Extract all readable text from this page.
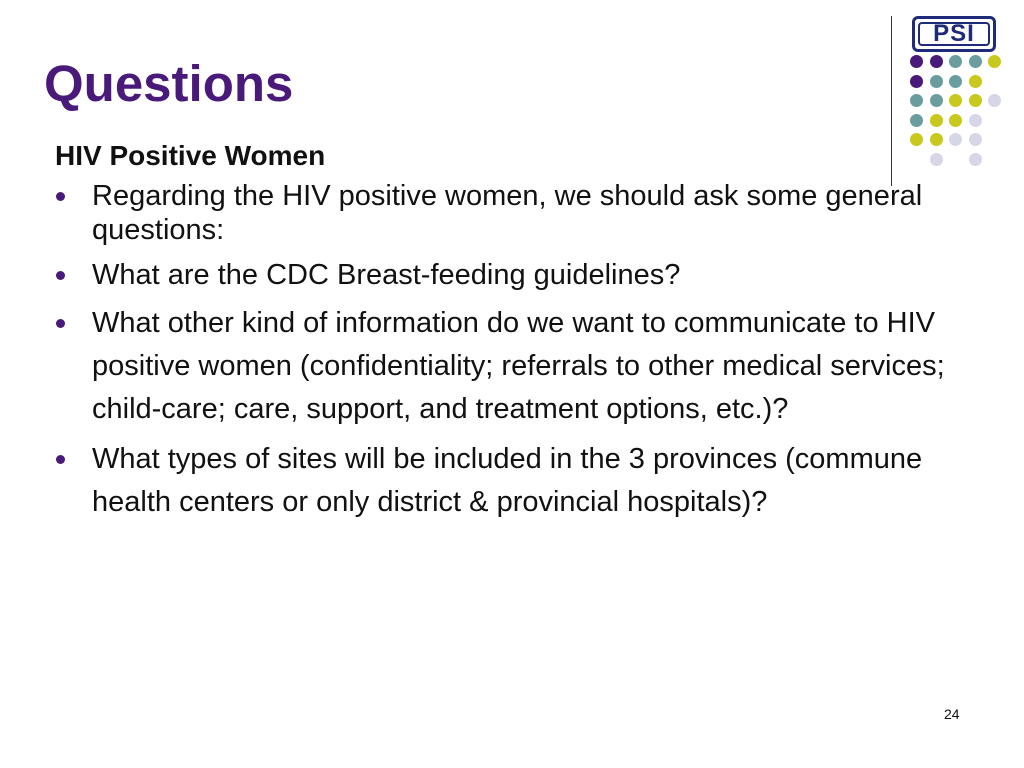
Questions
PSI
HIV Positive Women
Regarding the HIV positive women, we should ask some general questions:
What are the CDC Breast-feeding guidelines?
What other kind of information do we want to communicate to HIV positive women (confidentiality; referrals to other medical services; child-care; care, support, and treatment options, etc.)?
What types of sites will be included in the 3 provinces (commune health centers or only district & provincial hospitals)?
24
